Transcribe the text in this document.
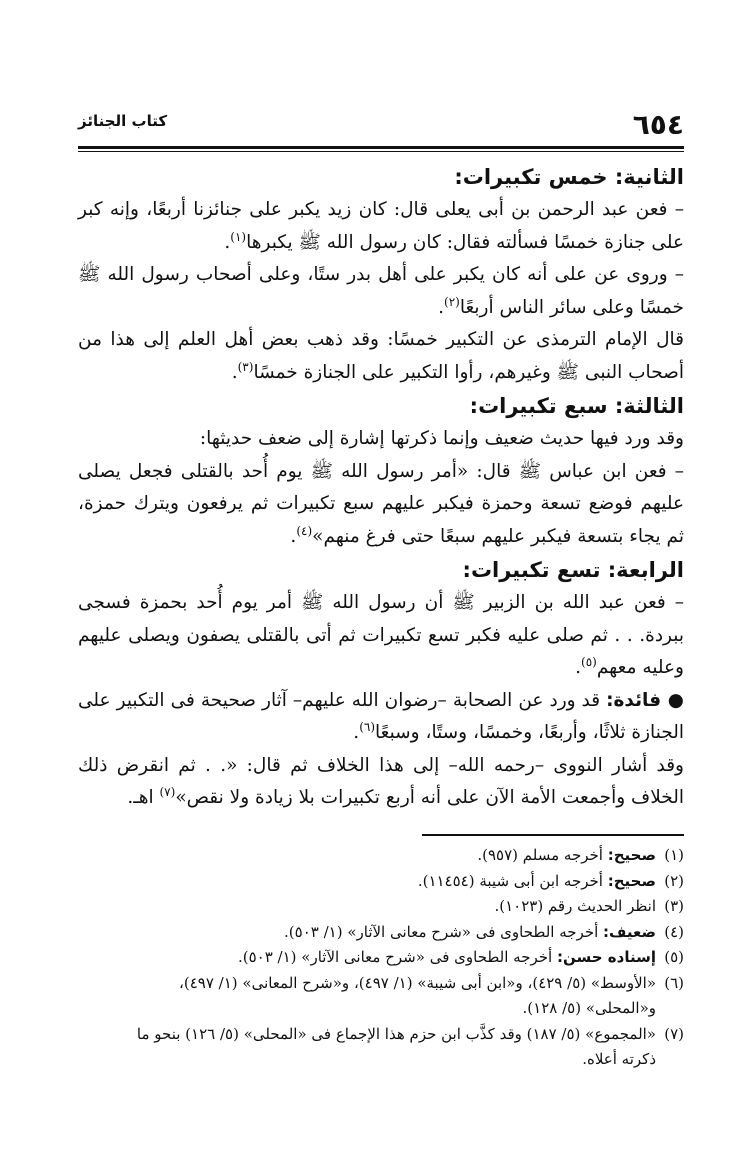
٦٥٤
كتاب الجنائز
الثانية: خمس تكبيرات:

– فعن عبد الرحمن بن أبى يعلى قال: كان زيد يكبر على جنائزنا أربعًا، وإنه كبر على جنازة خمسًا فسألته فقال: كان رسول الله ﷺ يكبرها$^{(١)}$.

– وروى عن على أنه كان يكبر على أهل بدر ستًا، وعلى أصحاب رسول الله ﷺ خمسًا وعلى سائر الناس أربعًا$^{(٢)}$.

قال الإمام الترمذى عن التكبير خمسًا: وقد ذهب بعض أهل العلم إلى هذا من أصحاب النبى ﷺ وغيرهم، رأوا التكبير على الجنازة خمسًا$^{(٣)}$.

الثالثة: سبع تكبيرات:

وقد ورد فيها حديث ضعيف وإنما ذكرتها إشارة إلى ضعف حديثها:

– فعن ابن عباس ﷺ قال: «أمر رسول الله ﷺ يوم أُحد بالقتلى فجعل يصلى عليهم فوضع تسعة وحمزة فيكبر عليهم سبع تكبيرات ثم يرفعون ويترك حمزة، ثم يجاء بتسعة فيكبر عليهم سبعًا حتى فرغ منهم»$^{(٤)}$.

الرابعة: تسع تكبيرات:

– فعن عبد الله بن الزبير ﷺ أن رسول الله ﷺ أمر يوم أُحد بحمزة فسجى ببردة. . . ثم صلى عليه فكبر تسع تكبيرات ثم أتى بالقتلى يصفون ويصلى عليهم وعليه معهم$^{(٥)}$.

● فائدة: قد ورد عن الصحابة –رضوان الله عليهم– آثار صحيحة فى التكبير على الجنازة ثلاثًا، وأربعًا، وخمسًا، وستًا، وسبعًا$^{(٦)}$.

وقد أشار النووى –رحمه الله– إلى هذا الخلاف ثم قال: «. . ثم انقرض ذلك الخلاف وأجمعت الأمة الآن على أنه أربع تكبيرات بلا زيادة ولا نقص»$^{(٧)}$ اهـ.

(١)صحيح: أخرجه مسلم (٩٥٧).

(٢)صحيح: أخرجه ابن أبى شيبة (١١٤٥٤).

(٣)انظر الحديث رقم (١٠٢٣).

(٤)ضعيف: أخرجه الطحاوى فى «شرح معانى الآثار» (١/ ٥٠٣).

(٥)إسناده حسن: أخرجه الطحاوى فى «شرح معانى الآثار» (١/ ٥٠٣).

(٦)«الأوسط» (٥/ ٤٢٩)، و«ابن أبى شيبة» (١/ ٤٩٧)، و«شرح المعانى» (١/ ٤٩٧)،

و«المحلى» (٥/ ١٢٨).

(٧)«المجموع» (٥/ ١٨٧) وقد كذَّب ابن حزم هذا الإجماع فى «المحلى» (٥/ ١٢٦) بنحو ما

ذكرته أعلاه.
